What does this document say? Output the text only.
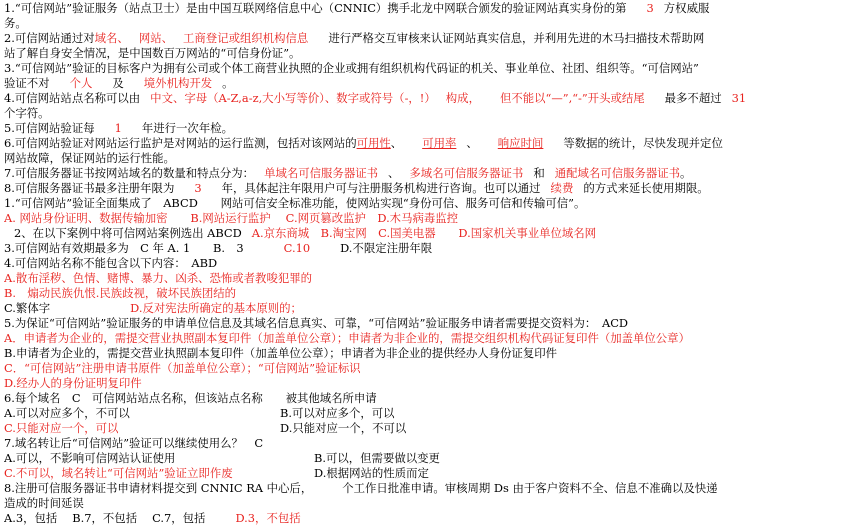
1.“可信网站”验证服务（站点卫士）是由中国互联网络信息中心（CNNIC）携手北龙中网联合颁发的验证网站真实身份的第 3 方权威服
务。
2.可信网站通过对域名、 网站、 工商登记或组织机构信息 进行严格交互审核来认证网站真实信息，并利用先进的木马扫描技术帮助网
站了解自身安全情况，是中国数百万网站的“可信身份证”。
3.“可信网站”验证的目标客户为拥有公司或个体工商营业执照的企业或拥有组织机构代码证的机关、事业单位、社团、组织等。“可信网站”
验证不对 个人 及 境外机构开发 。
4.可信网站站点名称可以由 中文、字母（A-Z,a-z,大小写等价）、数字或符号（-，!） 构成， 但不能以“—”,“-”开头或结尾 最多不超过 31
个字符。
5.可信网站验证每 1 年进行一次年检。
6.可信网站验证对网站运行监护是对网站的运行监测，包括对该网站的可用性、 可用率 、 响应时间 等数据的统计，尽快发现并定位
网站故障，保证网站的运行性能。
7.可信服务器证书按网站域名的数量和特点分为： 单域名可信服务器证书 、 多域名可信服务器证书 和 通配域名可信服务器证书。
8.可信服务器证书最多注册年限为 3 年，具体起注年限用户可与注册服务机构进行咨询。也可以通过 续费 的方式来延长使用期限。
1.“可信网站”验证全面集成了　ABCD　　网站可信安全标准功能，使网站实现“身份可信、服务可信和传输可信”。
A. 网站身份证明、数据传输加密　　B.网站运行监护　 C.网页篡改监护　D.木马病毒监控
2、在以下案例中将可信网站案例选出 ABCD A.京东商城　B.淘宝网　C.国美电器　　D.国家机关事业单位域名网
3.可信网站有效期最多为　C 年 A. 1　　B.　3	C.10	D.不限定注册年限
4.可信网站名称不能包含以下内容：　ABD
A.散布淫秽、色情、赌博、暴力、凶杀、恐怖或者教唆犯罪的
B.　煽动民族仇恨.民族歧视，破坏民族团结的
C.繁体字	D.反对宪法所确定的基本原则的；
5.为保证“可信网站”验证服务的申请单位信息及其域名信息真实、可靠，“可信网站”验证服务申请者需要提交资料为：　ACD
A．申请者为企业的，需提交营业执照副本复印件（加盖单位公章）；申请者为非企业的，需提交组织机构代码证复印件（加盖单位公章）
B.申请者为企业的，需提交营业执照副本复印件（加盖单位公章）；申请者为非企业的提供经办人身份证复印件
C．“可信网站”注册申请书原件（加盖单位公章）；“可信网站”验证标识
D.经办人的身份证明复印件
6.每个域名　C　可信网站站点名称，但该站点名称　　被其他域名所申请
A.可以对应多个，不可以	B.可以对应多个，可以
C.只能对应一个，可以	D.只能对应一个，不可以
7.域名转让后“可信网站”验证可以继续使用么？　C
A.可以，不影响可信网站认证使用	B.可以，但需要做以变更
C.不可以，域名转让“可信网站”验证立即作废	D.根据网站的性质而定
8.注册可信服务器证书申请材料提交到 CNNIC RA 中心后，	个工作日批准申请。审核周期 Ds 由于客户资料不全、信息不准确以及快递
造成的时间延误
A.3，包括　 B.7，不包括　 C.7，包括	D.3，不包括
